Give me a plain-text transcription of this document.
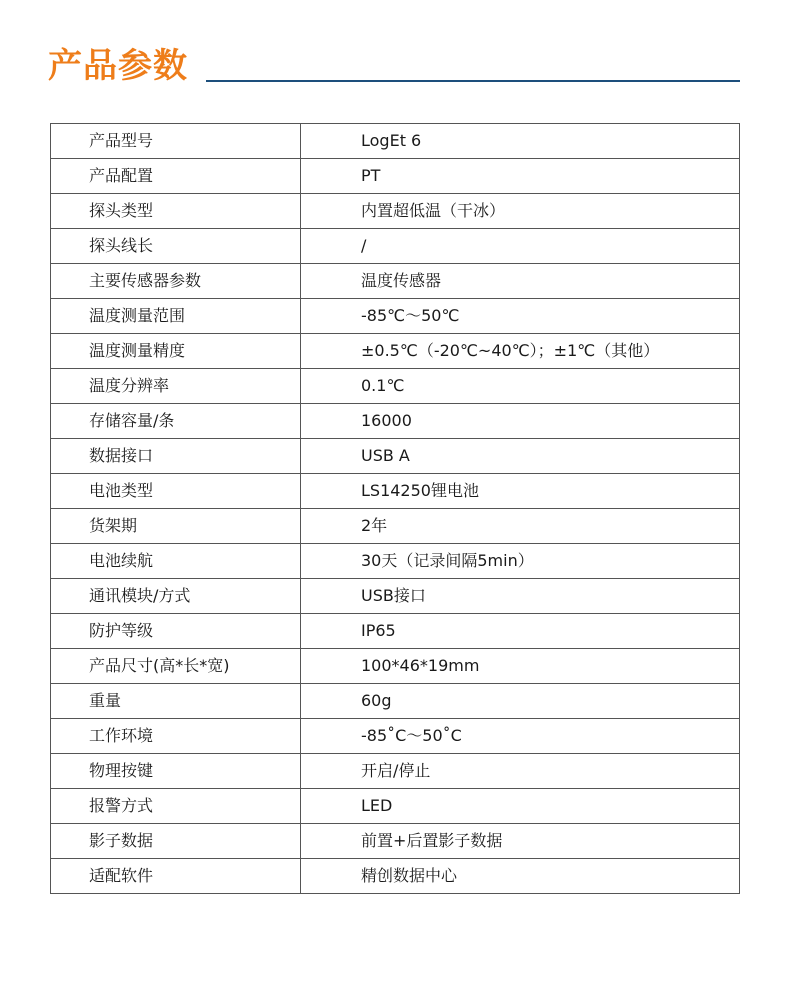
产品参数
产品型号	LogEt 6
产品配置	PT
探头类型	内置超低温（干冰）
探头线长	/
主要传感器参数	温度传感器
温度测量范围	-85℃～50℃
温度测量精度	±0.5℃（-20℃~40℃）；±1℃（其他）
温度分辨率	0.1℃
存储容量/条	16000
数据接口	USB A
电池类型	LS14250锂电池
货架期	2年
电池续航	30天（记录间隔5min）
通讯模块/方式	USB接口
防护等级	IP65
产品尺寸(高*长*宽)	100*46*19mm
重量	60g
工作环境	-85˚C～50˚C
物理按键	开启/停止
报警方式	LED
影子数据	前置+后置影子数据
适配软件	精创数据中心
